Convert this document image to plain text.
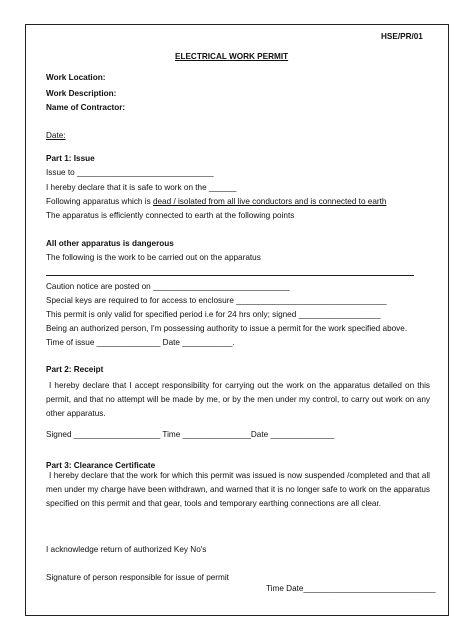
HSE/PR/01
ELECTRICAL WORK PERMIT
Work Location:
Work Description:
Name of Contractor:
Date:
Part 1: Issue
Issue to ______________________________
I hereby declare that it is safe to work on the ______
Following apparatus which is dead / isolated from all live conductors and is connected to earth
The apparatus is efficiently connected to earth at the following points
All other apparatus is dangerous
The following is the work to be carried out on the apparatus
Caution notice are posted on ______________________________
Special keys are required to for access to enclosure _________________________________
This permit is only valid for specified period i.e for 24 hrs only; signed __________________
Being an authorized person, I'm possessing authority to issue a permit for the work specified above.
Time of issue ______________ Date ___________.
Part 2: Receipt
I hereby declare that I accept responsibility for carrying out the work on the apparatus detailed on this permit, and that no attempt will be made by me, or by the men under my control, to carry out work on any other apparatus.
Signed ___________________ Time _______________Date ______________
Part 3: Clearance Certificate
I hereby declare that the work for which this permit was issued is now suspended /completed and that all men under my charge have been withdrawn, and warned that it is no longer safe to work on the apparatus specified on this permit and that gear, tools and temporary earthing connections are all clear.
I acknowledge return of authorized Key No's
Signature of person responsible for issue of permit
Time Date_____________________________
